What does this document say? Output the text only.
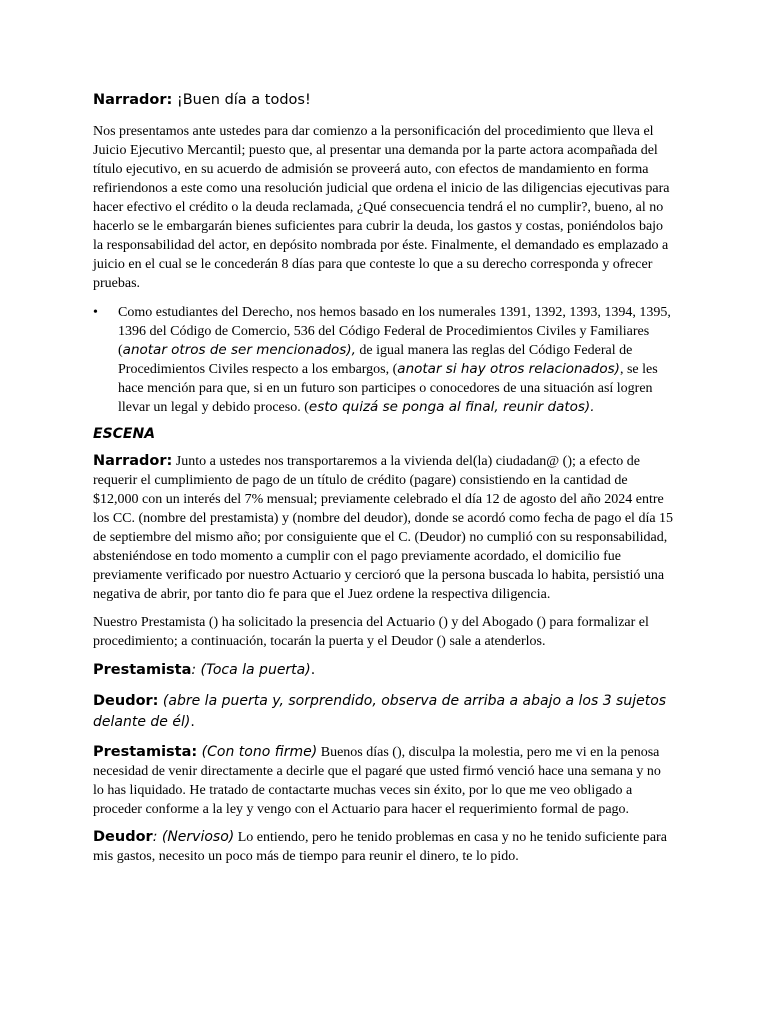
Narrador: ¡Buen día a todos!

Nos presentamos ante ustedes para dar comienzo a la personificación del procedimiento que lleva el Juicio Ejecutivo Mercantil; puesto que, al presentar una demanda por la parte actora acompañada del título ejecutivo, en su acuerdo de admisión se proveerá auto, con efectos de mandamiento en forma refiriendonos a este como una resolución judicial que ordena el inicio de las diligencias ejecutivas para hacer efectivo el crédito o la deuda reclamada, ¿Qué consecuencia tendrá el no cumplir?, bueno, al no hacerlo se le embargarán bienes suficientes para cubrir la deuda, los gastos y costas, poniéndolos bajo la responsabilidad del actor, en depósito nombrada por éste. Finalmente, el demandado es emplazado a juicio en el cual se le concederán 8 días para que conteste lo que a su derecho corresponda y ofrecer pruebas.

• Como estudiantes del Derecho, nos hemos basado en los numerales 1391, 1392, 1393, 1394, 1395, 1396 del Código de Comercio, 536 del Código Federal de Procedimientos Civiles y Familiares (anotar otros de ser mencionados), de igual manera las reglas del Código Federal de Procedimientos Civiles respecto a los embargos, (anotar si hay otros relacionados), se les hace mención para que, si en un futuro son participes o conocedores de una situación así logren llevar un legal y debido proceso. (esto quizá se ponga al final, reunir datos).

ESCENA

Narrador: Junto a ustedes nos transportaremos a la vivienda del(la) ciudadan@ (); a efecto de requerir el cumplimiento de pago de un título de crédito (pagare) consistiendo en la cantidad de $12,000 con un interés del 7% mensual; previamente celebrado el día 12 de agosto del año 2024 entre los CC. (nombre del prestamista) y (nombre del deudor), donde se acordó como fecha de pago el día 15 de septiembre del mismo año; por consiguiente que el C. (Deudor) no cumplió con su responsabilidad, absteniéndose en todo momento a cumplir con el pago previamente acordado, el domicilio fue previamente verificado por nuestro Actuario y cercioró que la persona buscada lo habita, persistió una negativa de abrir, por tanto dio fe para que el Juez ordene la respectiva diligencia.

Nuestro Prestamista () ha solicitado la presencia del Actuario () y del Abogado () para formalizar el procedimiento; a continuación, tocarán la puerta y el Deudor () sale a atenderlos.

Prestamista: (Toca la puerta).

Deudor: (abre la puerta y, sorprendido, observa de arriba a abajo a los 3 sujetos delante de él).

Prestamista: (Con tono firme) Buenos días (), disculpa la molestia, pero me vi en la penosa necesidad de venir directamente a decirle que el pagaré que usted firmó venció hace una semana y no lo has liquidado. He tratado de contactarte muchas veces sin éxito, por lo que me veo obligado a proceder conforme a la ley y vengo con el Actuario para hacer el requerimiento formal de pago.

Deudor: (Nervioso) Lo entiendo, pero he tenido problemas en casa y no he tenido suficiente para mis gastos, necesito un poco más de tiempo para reunir el dinero, te lo pido.
